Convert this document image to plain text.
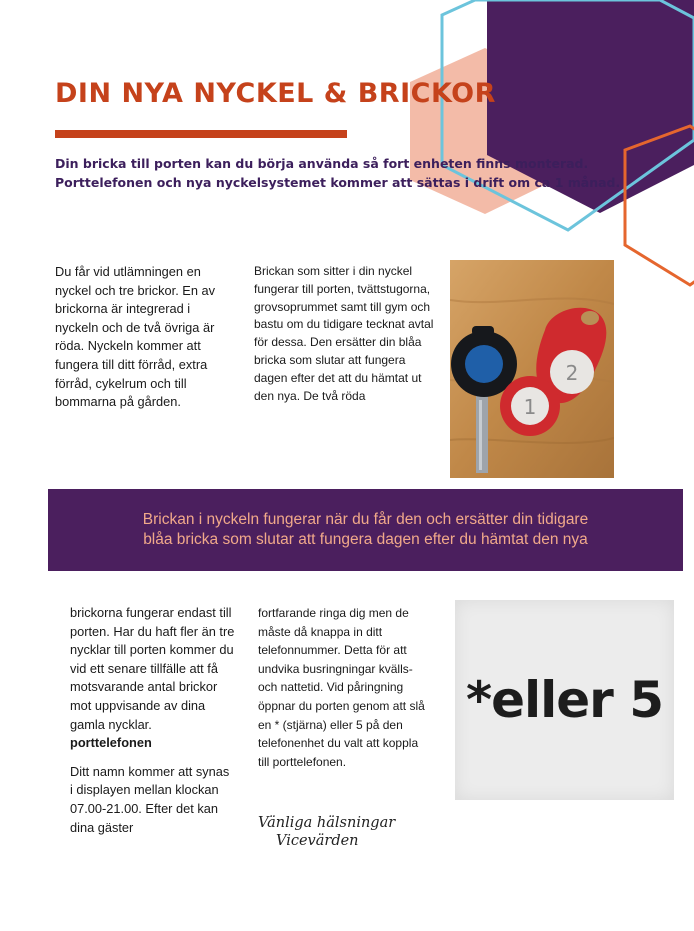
DIN NYA NYCKEL & BRICKOR

Din bricka till porten kan du börja använda så fort enheten finns monterad.

Porttelefonen och nya nyckelsystemet kommer att sättas i drift om ca 1 månad.

Du får vid utlämningen en nyckel och tre brickor. En av brickorna är integrerad i nyckeln och de två övriga är röda. Nyckeln kommer att fungera till ditt förråd, extra förråd, cykelrum och till bommarna på gården.

Brickan som sitter i din nyckel fungerar till porten, tvättstugorna, grovsoprummet samt till gym och bastu om du tidigare tecknat avtal för dessa. Den ersätter din blåa bricka som slutar att fungera dagen efter det att du hämtat ut den nya. De två röda

2
1

Brickan i nyckeln fungerar när du får den och ersätter din tidigare

blåa bricka som slutar att fungera dagen efter du hämtat den nya

brickorna fungerar endast till porten. Har du haft fler än tre nycklar till porten kommer du vid ett senare tillfälle att få motsvarande antal brickor mot uppvisande av dina gamla nycklar.
porttelefonen

Ditt namn kommer att synas i displayen mellan klockan 07.00-21.00. Efter det kan dina gäster

fortfarande ringa dig men de måste då knappa in ditt telefonnummer. Detta för att undvika busringningar kvälls- och nattetid. Vid påringning öppnar du porten genom att slå en * (stjärna) eller 5 på den telefonenhet du valt att koppla till porttelefonen.

*eller 5

Vänliga hälsningar

Vicevärden
